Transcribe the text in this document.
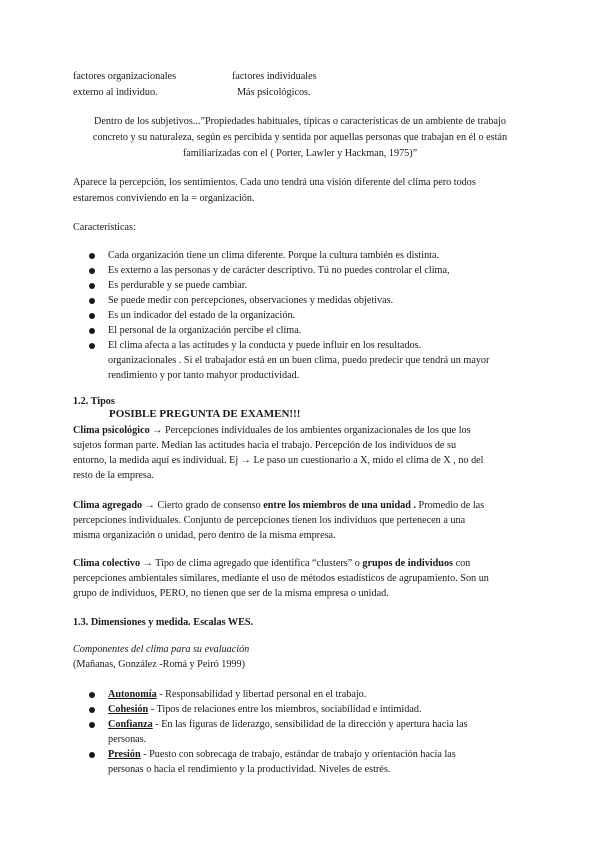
factores organizacionales	factores individuales
externo al individuo.	Más psicológicos.
Dentro de los subjetivos...”Propiedades habituales, típicas o características de un ambiente de trabajo
concreto y su naturaleza, según es percibida y sentida por aquellas personas que trabajan en él o están
familiarizadas con el ( Porter, Lawler y Hackman, 1975)”
Aparece la percepción, los sentimientos. Cada uno tendrá una visión diferente del clima pero todos
estaremos conviviendo en la = organización.
Características:
Cada organización tiene un clima diferente. Porque la cultura también es distinta.
Es externo a las personas y de carácter descriptivo. Tú no puedes controlar el clima,
Es perdurable y se puede cambiar.
Se puede medir con percepciones, observaciones y medidas objetivas.
Es un indicador del estado de la organización.
El personal de la organización percibe el clima.
El clima afecta a las actitudes y la conducta y puede influir en los resultados.
organizacionales . Si el trabajador está en un buen clima, puedo predecir que tendrá un mayor
rendimiento y por tanto mahyor productividad.
1.2. Tipos
POSIBLE PREGUNTA DE EXAMEN!!!
Clima psicológico → Percepciones individuales de los ambientes organizacionales de los que los
sujetos forman parte. Median las actitudes hacia el trabajo. Percepción de los individuos de su
entorno, la medida aquí es individual. Ej → Le paso un cuestionario a X, mido el clima de X , no del
resto de la empresa.
Clima agregado → Cierto grado de consenso entre los miembros de una unidad . Promedio de las
percepciones individuales. Conjunto de percepciones tienen los individuos que pertenecen a una
misma organización o unidad, pero dentro de la misma empresa.
Clima colectivo → Tipo de clima agregado que identifica “clusters” o grupos de individuos con
percepciones ambientales similares, mediante el uso de métodos estadísticos de agrupamiento. Son un
grupo de individuos, PERO, no tienen que ser de la misma empresa o unidad.
1.3. Dimensiones y medida. Escalas WES.
Componentes del clima para su evaluación
(Mañanas, González -Romá y Peiró 1999)
Autonomía - Responsabilidad y libertad personal en el trabajo.
Cohesión - Tipos de relaciones entre los miembros, sociabilidad e intimidad.
Confianza - En las figuras de liderazgo, sensibilidad de la dirección y apertura hacia las
personas.
Presión - Puesto con sobrecaga de trabajo, estándar de trabajo y orientación hacia las
personas o hacia el rendimiento y la productividad. Niveles de estrés.
